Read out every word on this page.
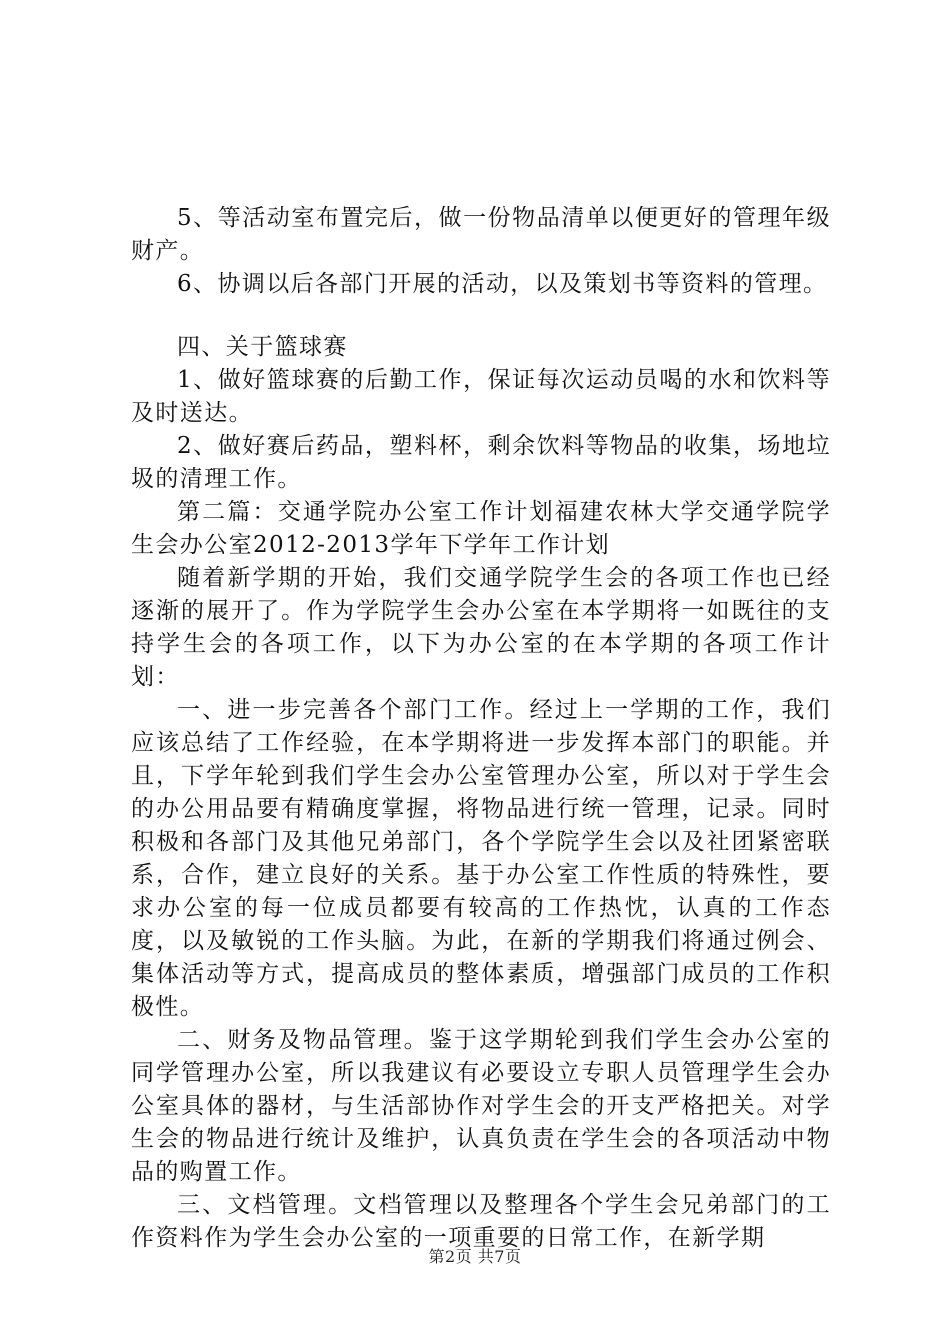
5、等活动室布置完后，做一份物品清单以便更好的管理年级财产。

6、协调以后各部门开展的活动，以及策划书等资料的管理。

四、关于篮球赛

1、做好篮球赛的后勤工作，保证每次运动员喝的水和饮料等及时送达。

2、做好赛后药品，塑料杯，剩余饮料等物品的收集，场地垃圾的清理工作。

第二篇：交通学院办公室工作计划福建农林大学交通学院学生会办公室2012-2013学年下学年工作计划

随着新学期的开始，我们交通学院学生会的各项工作也已经逐渐的展开了。作为学院学生会办公室在本学期将一如既往的支持学生会的各项工作，以下为办公室的在本学期的各项工作计划：

一、进一步完善各个部门工作。经过上一学期的工作，我们应该总结了工作经验，在本学期将进一步发挥本部门的职能。并且，下学年轮到我们学生会办公室管理办公室，所以对于学生会的办公用品要有精确度掌握，将物品进行统一管理，记录。同时积极和各部门及其他兄弟部门，各个学院学生会以及社团紧密联系，合作，建立良好的关系。基于办公室工作性质的特殊性，要求办公室的每一位成员都要有较高的工作热忱，认真的工作态度，以及敏锐的工作头脑。为此，在新的学期我们将通过例会、集体活动等方式，提高成员的整体素质，增强部门成员的工作积极性。

二、财务及物品管理。鉴于这学期轮到我们学生会办公室的同学管理办公室，所以我建议有必要设立专职人员管理学生会办公室具体的器材，与生活部协作对学生会的开支严格把关。对学生会的物品进行统计及维护，认真负责在学生会的各项活动中物品的购置工作。

三、文档管理。文档管理以及整理各个学生会兄弟部门的工作资料作为学生会办公室的一项重要的日常工作，在新学期

第2页 共7页
